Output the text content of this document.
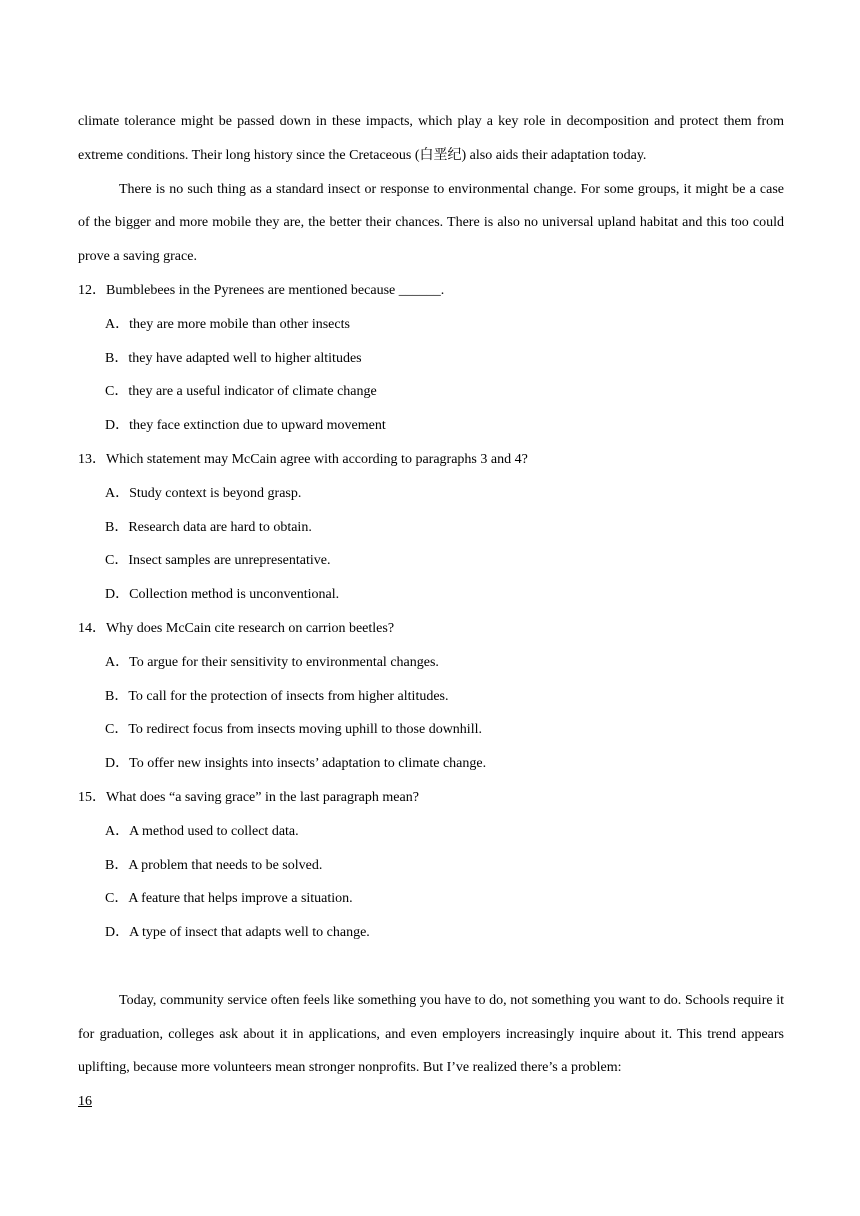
climate tolerance might be passed down in these impacts, which play a key role in decomposition and protect them from extreme conditions. Their long history since the Cretaceous (白垩纪) also aids their adaptation today.

There is no such thing as a standard insect or response to environmental change. For some groups, it might be a case of the bigger and more mobile they are, the better their chances. There is also no universal upland habitat and this too could prove a saving grace.

12．Bumblebees in the Pyrenees are mentioned because ______.

A．they are more mobile than other insects

B．they have adapted well to higher altitudes

C．they are a useful indicator of climate change

D．they face extinction due to upward movement

13．Which statement may McCain agree with according to paragraphs 3 and 4?

A．Study context is beyond grasp.

B．Research data are hard to obtain.

C．Insect samples are unrepresentative.

D．Collection method is unconventional.

14．Why does McCain cite research on carrion beetles?

A．To argue for their sensitivity to environmental changes.

B．To call for the protection of insects from higher altitudes.

C．To redirect focus from insects moving uphill to those downhill.

D．To offer new insights into insects’ adaptation to climate change.

15．What does “a saving grace” in the last paragraph mean?

A．A method used to collect data.

B．A problem that needs to be solved.

C．A feature that helps improve a situation.

D．A type of insect that adapts well to change.

Today, community service often feels like something you have to do, not something you want to do. Schools require it for graduation, colleges ask about it in applications, and even employers increasingly inquire about it. This trend appears uplifting, because more volunteers mean stronger nonprofits. But I’ve realized there’s a problem:

16
